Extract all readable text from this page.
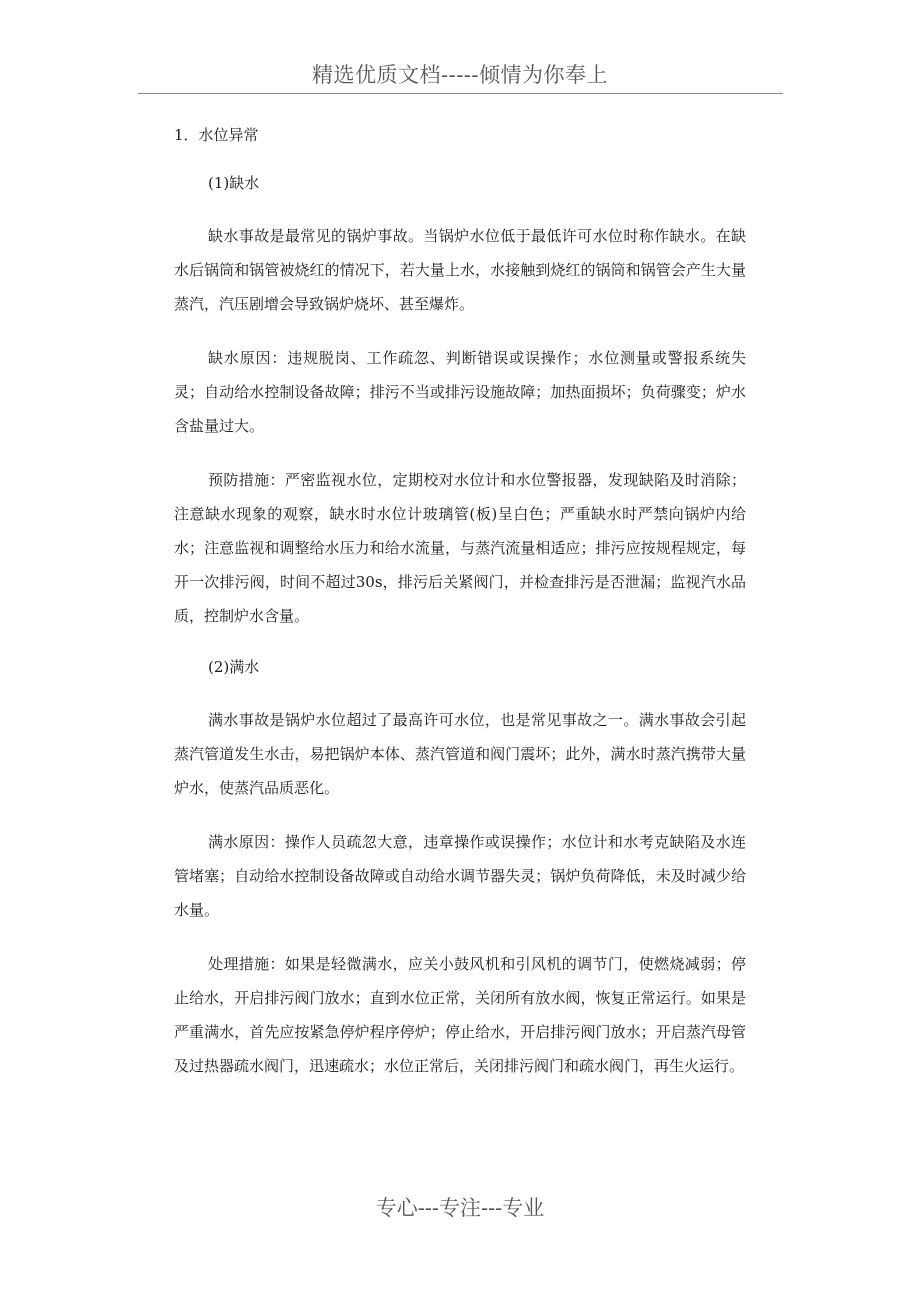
精选优质文档-----倾情为你奉上
1．水位异常
(1)缺水

缺水事故是最常见的锅炉事故。当锅炉水位低于最低许可水位时称作缺水。在缺水后锅筒和锅管被烧红的情况下，若大量上水，水接触到烧红的锅筒和锅管会产生大量蒸汽，汽压剧增会导致锅炉烧坏、甚至爆炸。

缺水原因：违规脱岗、工作疏忽、判断错误或误操作；水位测量或警报系统失灵；自动给水控制设备故障；排污不当或排污设施故障；加热面损坏；负荷骤变；炉水含盐量过大。

预防措施：严密监视水位，定期校对水位计和水位警报器，发现缺陷及时消除；注意缺水现象的观察，缺水时水位计玻璃管(板)呈白色；严重缺水时严禁向锅炉内给水；注意监视和调整给水压力和给水流量，与蒸汽流量相适应；排污应按规程规定，每开一次排污阀，时间不超过30s，排污后关紧阀门，并检查排污是否泄漏；监视汽水品质，控制炉水含量。

(2)满水

满水事故是锅炉水位超过了最高许可水位，也是常见事故之一。满水事故会引起蒸汽管道发生水击，易把锅炉本体、蒸汽管道和阀门震坏；此外，满水时蒸汽携带大量炉水，使蒸汽品质恶化。

满水原因：操作人员疏忽大意，违章操作或误操作；水位计和水考克缺陷及水连管堵塞；自动给水控制设备故障或自动给水调节器失灵；锅炉负荷降低，未及时减少给水量。

处理措施：如果是轻微满水，应关小鼓风机和引风机的调节门，使燃烧减弱；停止给水，开启排污阀门放水；直到水位正常，关闭所有放水阀，恢复正常运行。如果是严重满水，首先应按紧急停炉程序停炉；停止给水，开启排污阀门放水；开启蒸汽母管及过热器疏水阀门，迅速疏水；水位正常后，关闭排污阀门和疏水阀门，再生火运行。

专心---专注---专业
